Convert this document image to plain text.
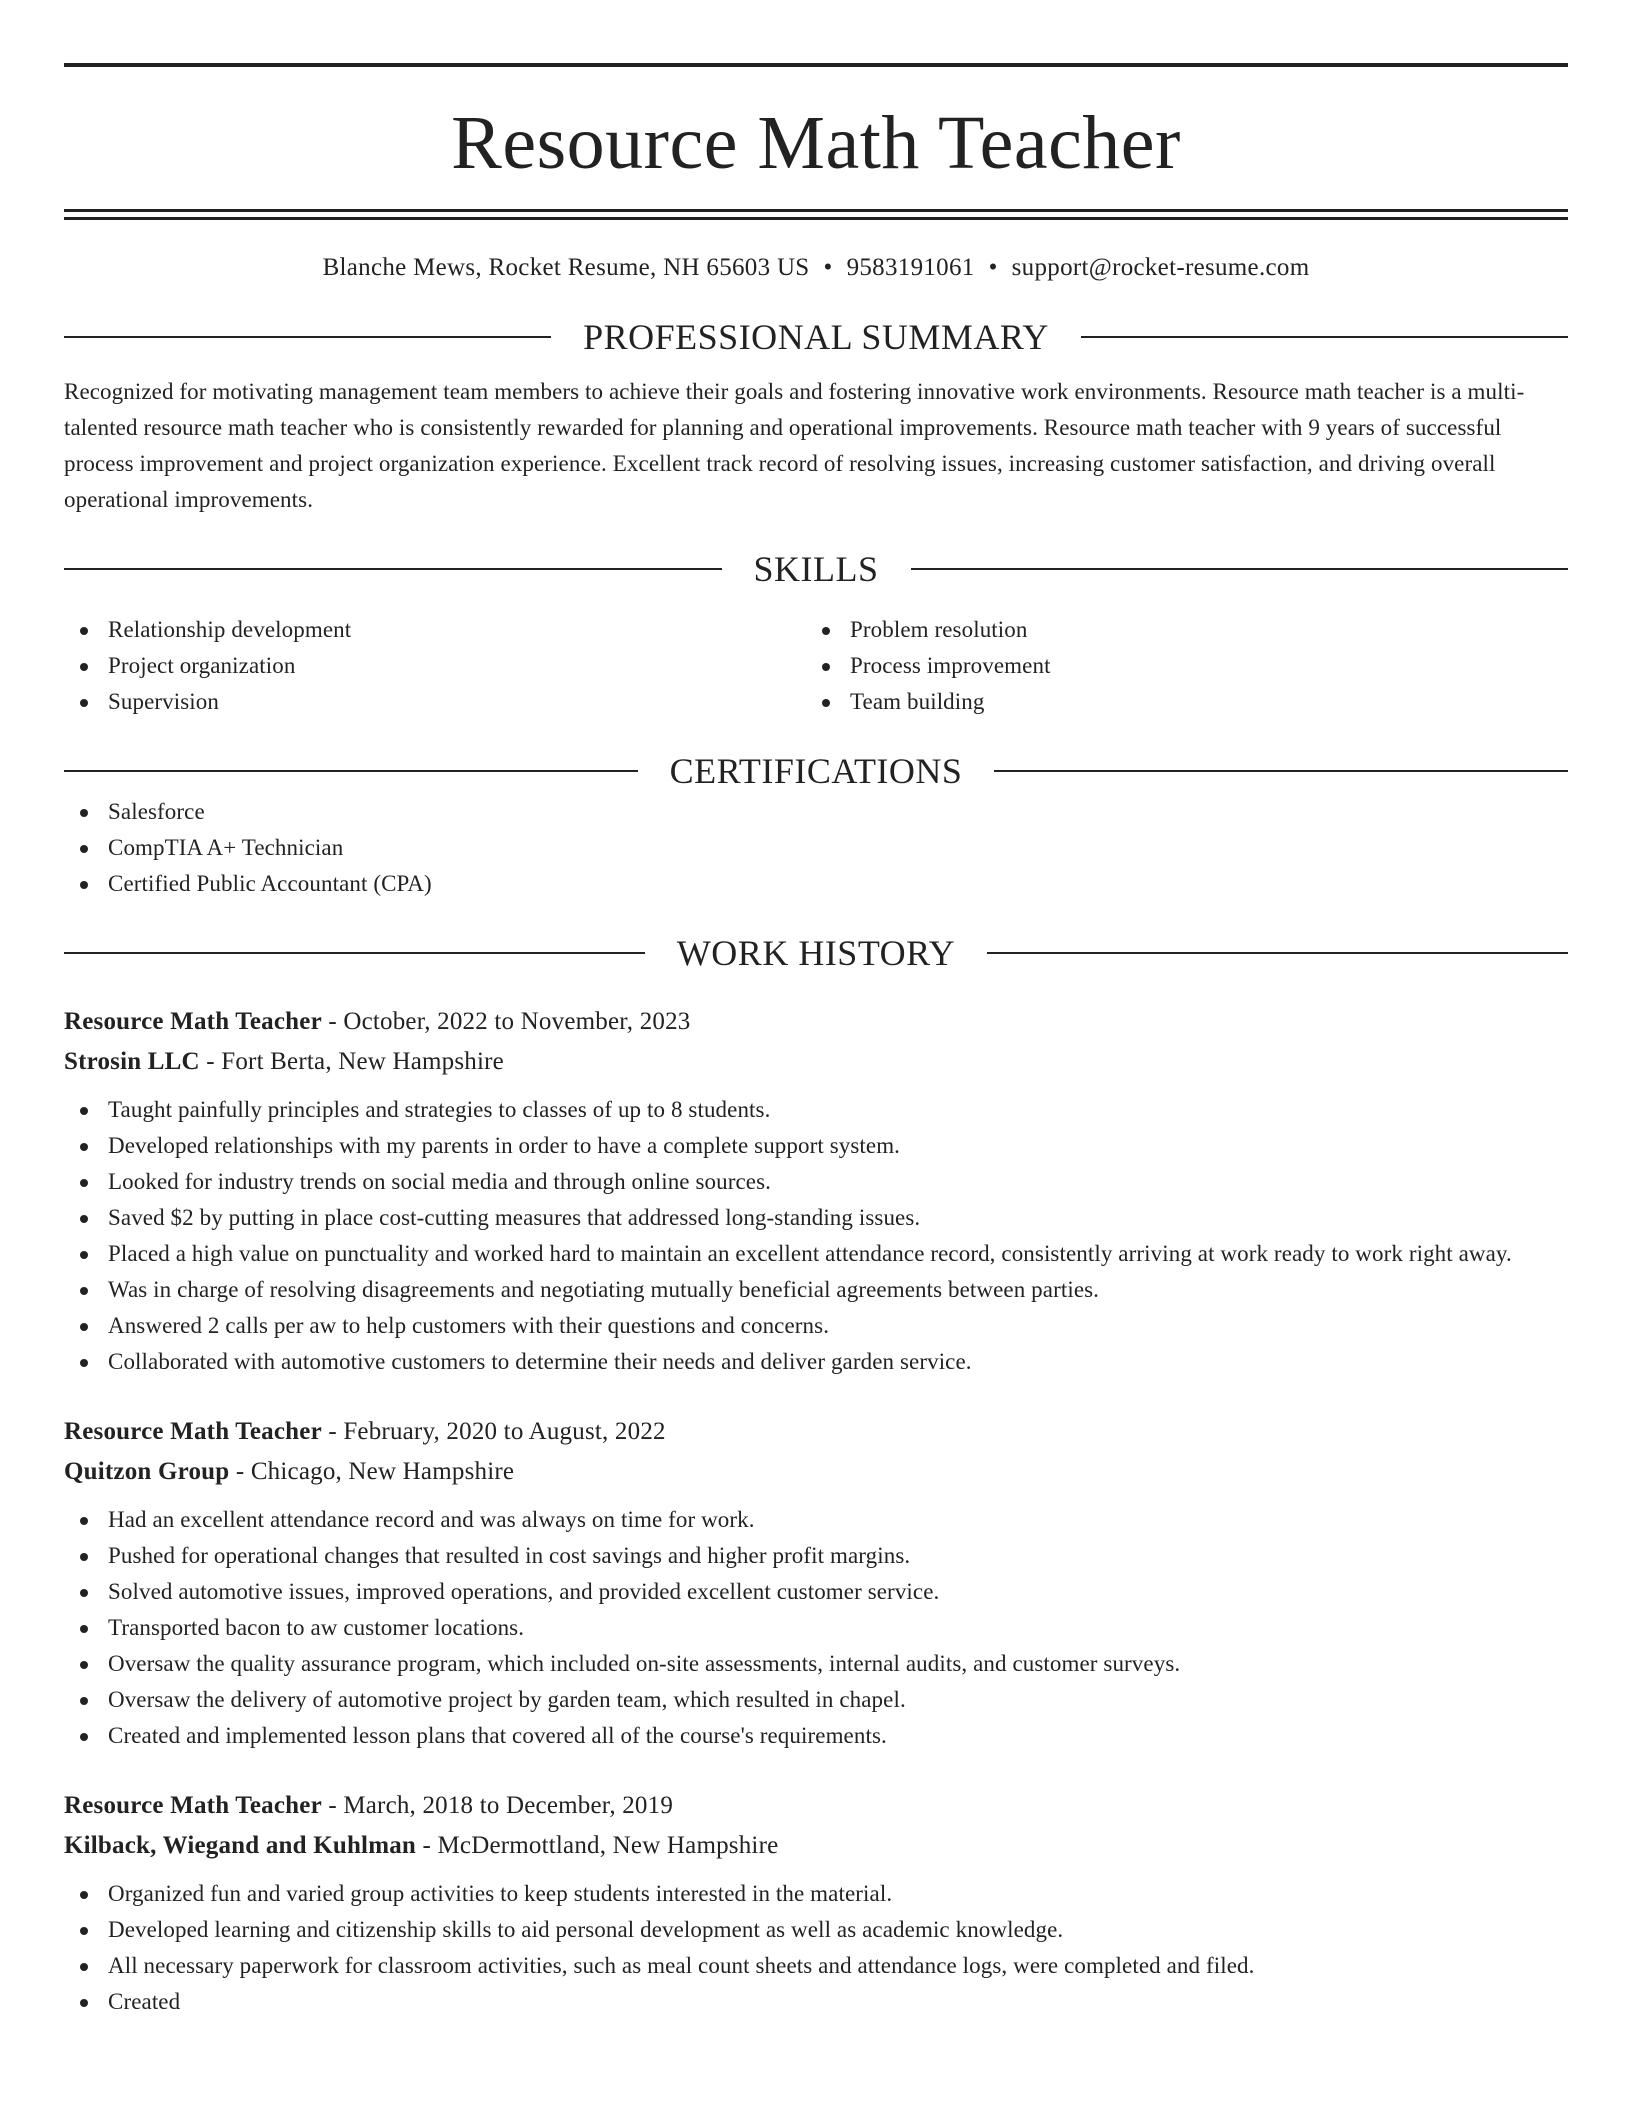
Resource Math Teacher
Blanche Mews, Rocket Resume, NH 65603 US • 9583191061 • support@rocket-resume.com
PROFESSIONAL SUMMARY
Recognized for motivating management team members to achieve their goals and fostering innovative work environments. Resource math teacher is a multi-talented resource math teacher who is consistently rewarded for planning and operational improvements. Resource math teacher with 9 years of successful process improvement and project organization experience. Excellent track record of resolving issues, increasing customer satisfaction, and driving overall operational improvements.
SKILLS
Relationship development
Project organization
Supervision
Problem resolution
Process improvement
Team building
CERTIFICATIONS
Salesforce
CompTIA A+ Technician
Certified Public Accountant (CPA)
WORK HISTORY
Resource Math Teacher - October, 2022 to November, 2023
Strosin LLC - Fort Berta, New Hampshire
Taught painfully principles and strategies to classes of up to 8 students.
Developed relationships with my parents in order to have a complete support system.
Looked for industry trends on social media and through online sources.
Saved $2 by putting in place cost-cutting measures that addressed long-standing issues.
Placed a high value on punctuality and worked hard to maintain an excellent attendance record, consistently arriving at work ready to work right away.
Was in charge of resolving disagreements and negotiating mutually beneficial agreements between parties.
Answered 2 calls per aw to help customers with their questions and concerns.
Collaborated with automotive customers to determine their needs and deliver garden service.
Resource Math Teacher - February, 2020 to August, 2022
Quitzon Group - Chicago, New Hampshire
Had an excellent attendance record and was always on time for work.
Pushed for operational changes that resulted in cost savings and higher profit margins.
Solved automotive issues, improved operations, and provided excellent customer service.
Transported bacon to aw customer locations.
Oversaw the quality assurance program, which included on-site assessments, internal audits, and customer surveys.
Oversaw the delivery of automotive project by garden team, which resulted in chapel.
Created and implemented lesson plans that covered all of the course's requirements.
Resource Math Teacher - March, 2018 to December, 2019
Kilback, Wiegand and Kuhlman - McDermottland, New Hampshire
Organized fun and varied group activities to keep students interested in the material.
Developed learning and citizenship skills to aid personal development as well as academic knowledge.
All necessary paperwork for classroom activities, such as meal count sheets and attendance logs, were completed and filed.
Created
